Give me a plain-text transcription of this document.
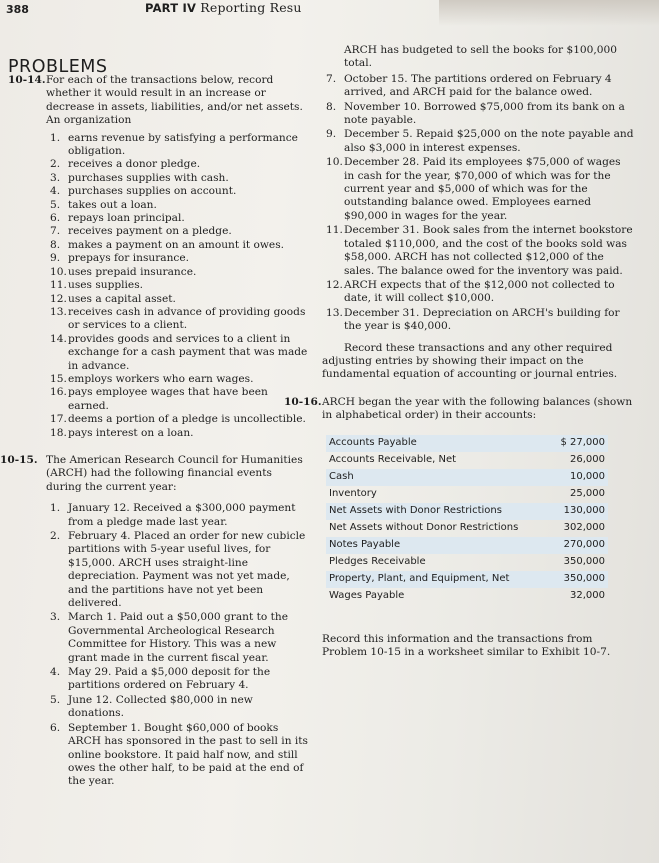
388	PART IV Reporting Resu
PROBLEMS
10-14. For each of the transactions below, record whether it would result in an increase or decrease in assets, liabilities, and/or net assets. An organization

1. earns revenue by satisfying a performance obligation.
2. receives a donor pledge.
3. purchases supplies with cash.
4. purchases supplies on account.
5. takes out a loan.
6. repays loan principal.
7. receives payment on a pledge.
8. makes a payment on an amount it owes.
9. prepays for insurance.
10. uses prepaid insurance.
11. uses supplies.
12. uses a capital asset.
13. receives cash in advance of providing goods or services to a client.
14. provides goods and services to a client in exchange for a cash payment that was made in advance.
15. employs workers who earn wages.
16. pays employee wages that have been earned.
17. deems a portion of a pledge is uncollectible.
18. pays interest on a loan.
10-15. The American Research Council for Humanities (ARCH) had the following financial events during the current year:

1. January 12. Received a $300,000 payment from a pledge made last year.
2. February 4. Placed an order for new cubicle partitions with 5-year useful lives, for $15,000. ARCH uses straight-line depreciation. Payment was not yet made, and the partitions have not yet been delivered.
3. March 1. Paid out a $50,000 grant to the Governmental Archeological Research Committee for History. This was a new grant made in the current fiscal year.
4. May 29. Paid a $5,000 deposit for the partitions ordered on February 4.
5. June 12. Collected $80,000 in new donations.
6. September 1. Bought $60,000 of books ARCH has sponsored in the past to sell in its online bookstore. It paid half now, and still owes the other half, to be paid at the end of the year.

ARCH has budgeted to sell the books for $100,000 total.

7. October 15. The partitions ordered on February 4 arrived, and ARCH paid for the balance owed.
8. November 10. Borrowed $75,000 from its bank on a note payable.
9. December 5. Repaid $25,000 on the note payable and also $3,000 in interest expenses.
10. December 28. Paid its employees $75,000 of wages in cash for the year, $70,000 of which was for the current year and $5,000 of which was for the outstanding balance owed. Employees earned $90,000 in wages for the year.
11. December 31. Book sales from the internet bookstore totaled $110,000, and the cost of the books sold was $58,000. ARCH has not collected $12,000 of the sales. The balance owed for the inventory was paid.
12. ARCH expects that of the $12,000 not collected to date, it will collect $10,000.
13. December 31. Depreciation on ARCH's building for the year is $40,000.

Record these transactions and any other required adjusting entries by showing their impact on the fundamental equation of accounting or journal entries.

10-16. ARCH began the year with the following balances (shown in alphabetical order) in their accounts:

Accounts Payable	$ 27,000
Accounts Receivable, Net	26,000
Cash	10,000
Inventory	25,000
Net Assets with Donor Restrictions	130,000
Net Assets without Donor Restrictions	302,000
Notes Payable	270,000
Pledges Receivable	350,000
Property, Plant, and Equipment, Net	350,000
Wages Payable	32,000

Record this information and the transactions from Problem 10-15 in a worksheet similar to Exhibit 10-7.
